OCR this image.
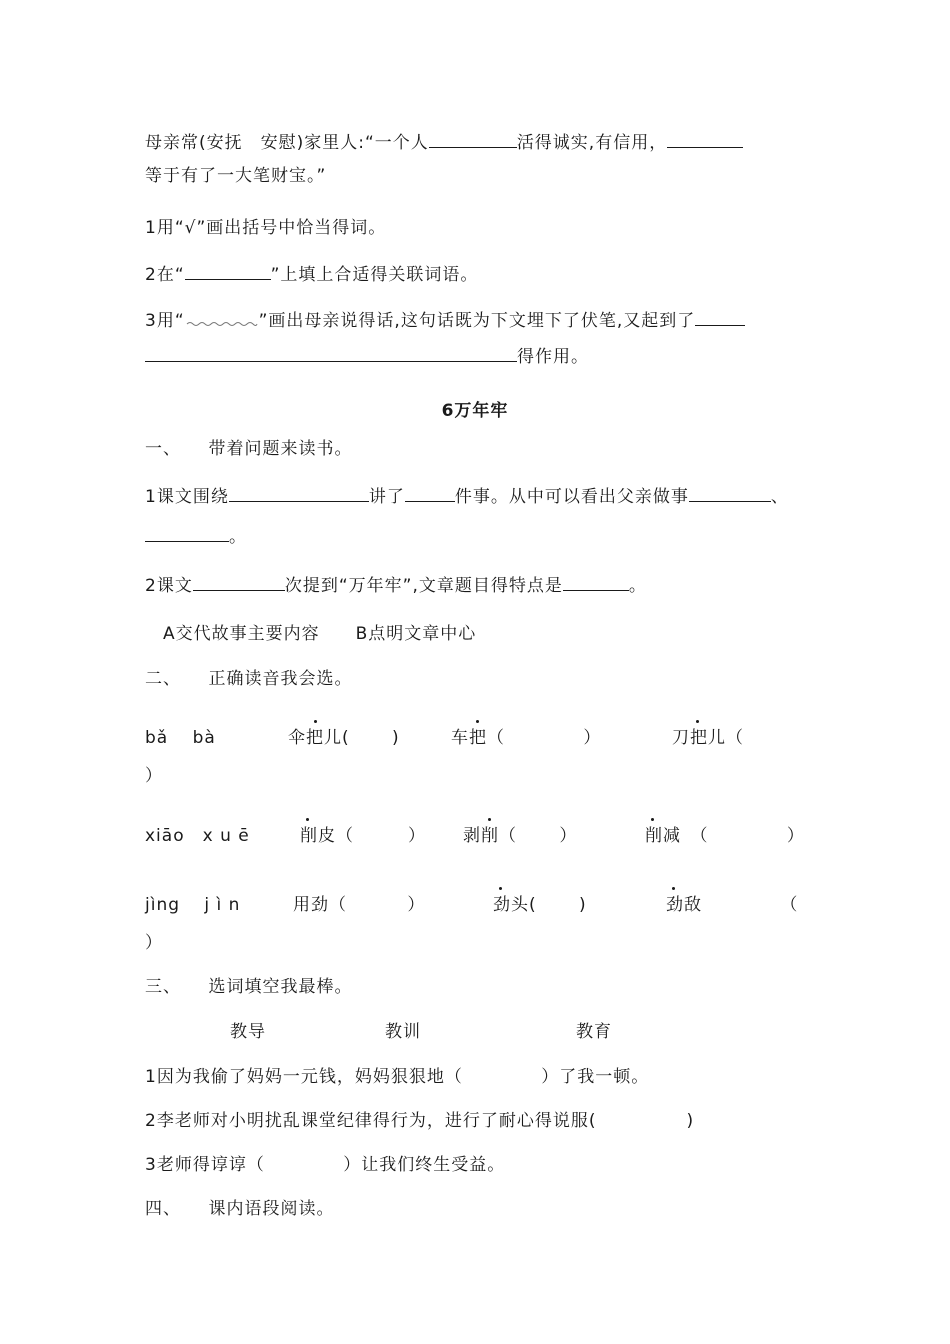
母亲常(安抚　安慰)家里人:“一个人	活得诚实,有信用，
等于有了一大笔财宝。”
1用“√”画出括号中恰当得词。
2在“	”上填上合适得关联词语。
3用“	”画出母亲说得话,这句话既为下文埋下了伏笔,又起到了
得作用。
6万年牢
一、　　带着问题来读书。
1课文围绕	讲了	件事。从中可以看出父亲做事	、
。
2课文	次提到“万年牢”,文章题目得特点是	。
A交代故事主要内容　　B点明文章中心
二、　　正确读音我会选。
bǎ　 bà	伞把儿(　　 )	车把（　　　　 ）	刀把儿（
）
xiāo　x u ē	削皮（　　　） 剥削（　　 ）	削减　（　　　　 ）
jìng　 j ì n	用劲（　　　 ）	劲头(　　 )	劲敌　　　　 （
）
三、　　选词填空我最棒。
教导	教训	教育
1因为我偷了妈妈一元钱，妈妈狠狠地（　　　　 ）了我一顿。
2李老师对小明扰乱课堂纪律得行为，进行了耐心得说服(　　　　　)
3老师得谆谆（　　　　 ）让我们终生受益。
四、　　课内语段阅读。
